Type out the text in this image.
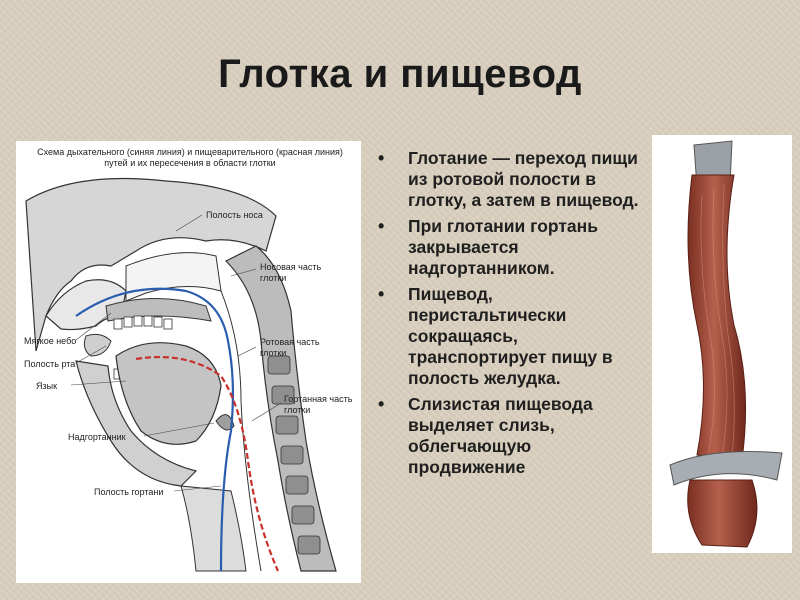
Глотка и пищевод
Схема дыхательного (синяя линия) и пищеварительного (красная линия) путей и их пересечения в области глотки
Полость носа
Носовая часть
глотки
Мягкое небо
Полость рта
Язык
Ротовая часть
глотки
Гортанная часть
глотки
Надгортанник
Полость гортани
• Глотание — переход пищи из ротовой полости в глотку, а затем в пищевод.
• При глотании гортань закрывается надгортанником.
• Пищевод, перистальтически сокращаясь, транспортирует пищу в полость желудка.
• Слизистая пищевода выделяет слизь, облегчающую продвижение
